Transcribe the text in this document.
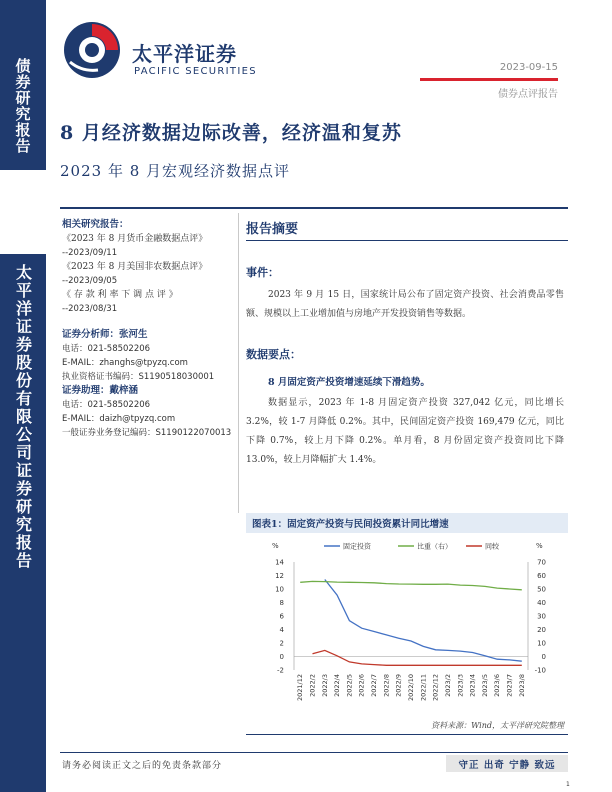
债券研究报告
太平洋证券股份有限公司证券研究报告
太平洋证券
PACIFIC SECURITIES	2023-09-15
债券点评报告
8 月经济数据边际改善，经济温和复苏
2023 年 8 月宏观经济数据点评
相关研究报告：
《2023 年 8 月货币金融数据点评》
--2023/09/11
《2023 年 8 月美国非农数据点评》
--2023/09/05
《 存 款 利 率 下 调 点 评 》
--2023/08/31
证券分析师：张河生
电话：021-58502206
E-MAIL：zhanghs@tpyzq.com
执业资格证书编码：S1190518030001
证券助理：戴梓涵
电话：021-58502206
E-MAIL：daizh@tpyzq.com
一般证券业务登记编码：S1190122070013
报告摘要
事件：
2023 年 9 月 15 日，国家统计局公布了固定资产投资、社会消费品零售额、规模以上工业增加值与房地产开发投资销售等数据。
数据要点：
8 月固定资产投资增速延续下滑趋势。
数据显示，2023 年 1-8 月固定资产投资 327,042 亿元，同比增长 3.2%，较 1-7 月降低 0.2%。其中，民间固定资产投资 169,479 亿元，同比下降 0.7%，较上月下降 0.2%。单月看，8 月份固定资产投资同比下降 13.0%，较上月降幅扩大 1.4%。
图表1：固定资产投资与民间投资累计同比增速
%	%
-2
0
2
4
6
8
10
12
14
-10
0
10
20
30
40
50
60
70
2021/12 2022/2 2022/3 2022/4 2022/5 2022/6 2022/7 2022/8 2022/9 2022/10 2022/11 2022/12 2023/2 2023/3 2023/4 2023/5 2023/6 2023/7 2023/8
固定投资	比重（右）	同较
资料来源：Wind，太平洋研究院整理
请务必阅读正文之后的免责条款部分	守正 出奇 宁静 致远
1
